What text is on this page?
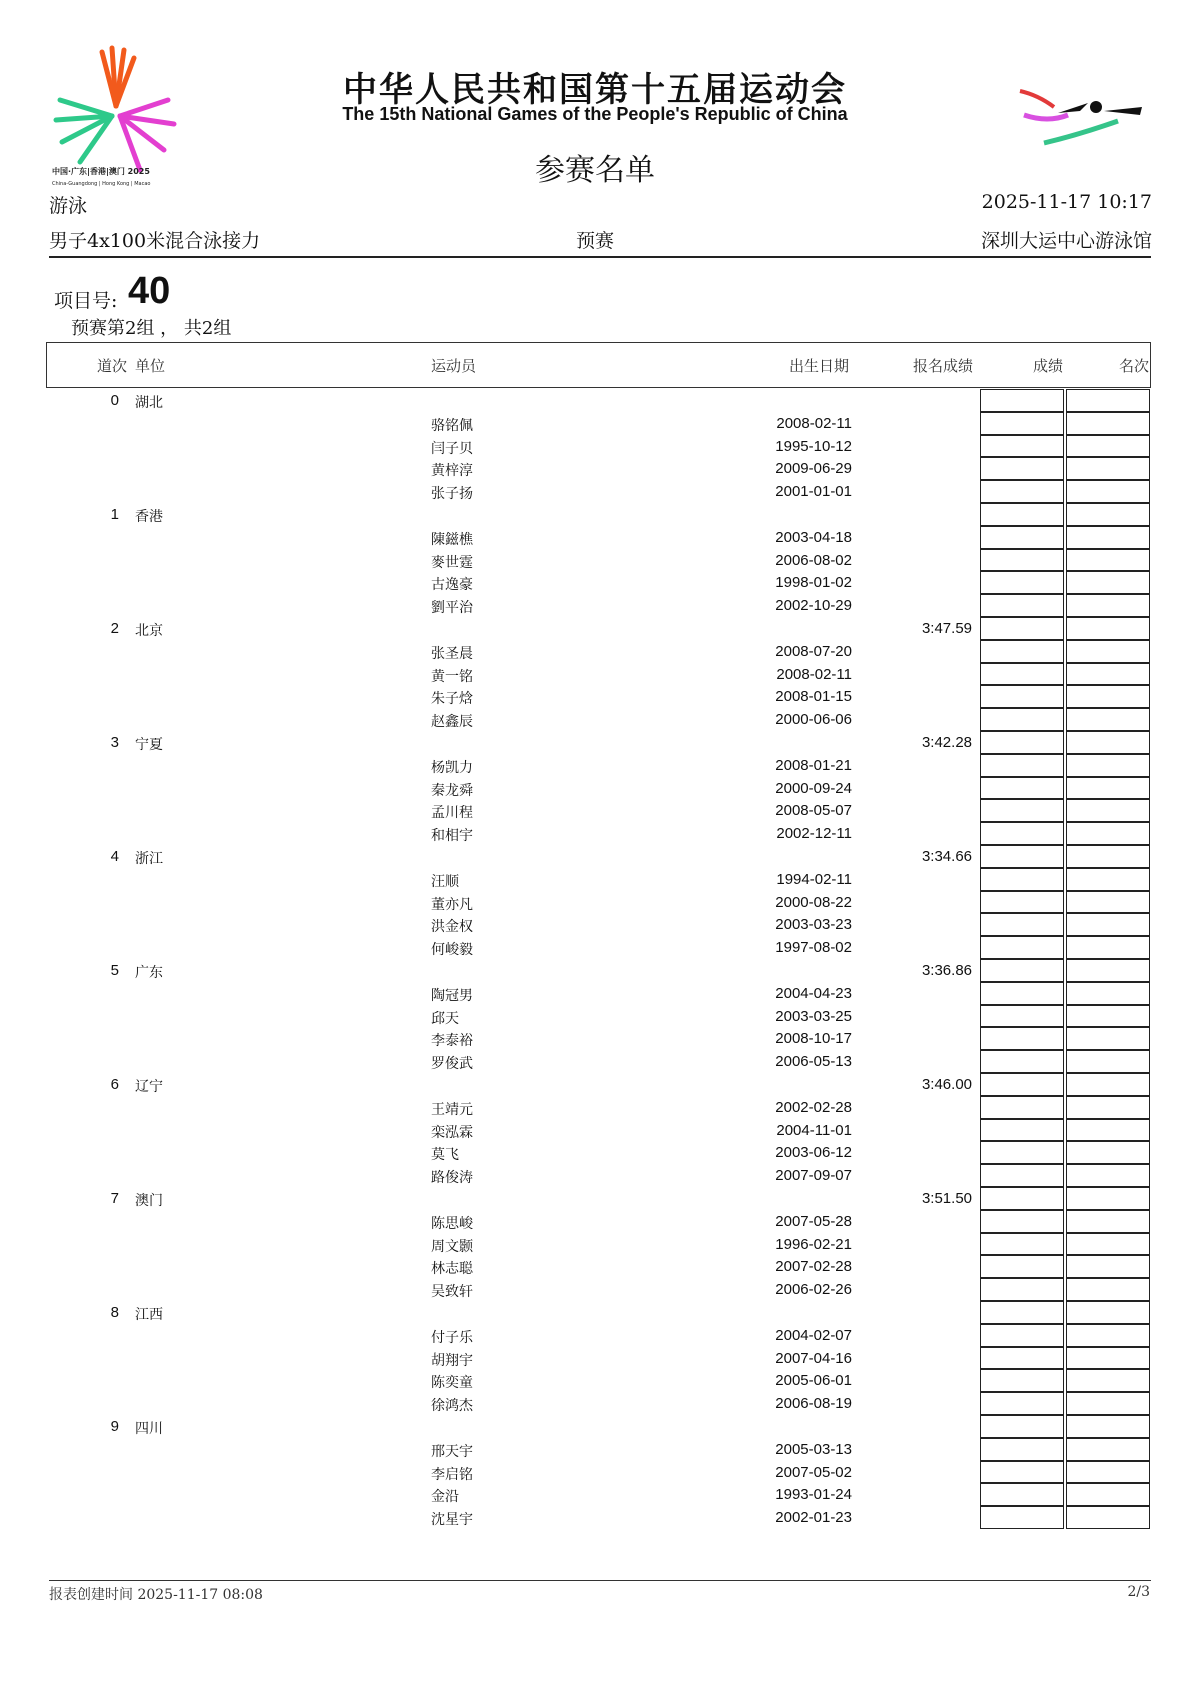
中国·广东|香港|澳门 2025
China-Guangdong | Hong Kong | Macao
中华人民共和国第十五届运动会
The 15th National Games of the People's Republic of China
参赛名单
游泳	2025-11-17 10:17
男子4x100米混合泳接力	预赛	深圳大运中心游泳馆
项目号: 40
预赛第2组 ， 共2组
道次 单位	运动员	出生日期	报名成绩	成绩	名次
0 湖北
骆铭佩	2008-02-11
闫子贝	1995-10-12
黄梓淳	2009-06-29
张子扬	2001-01-01
1 香港
陳鎡樵	2003-04-18
麥世霆	2006-08-02
古逸豪	1998-01-02
劉平治	2002-10-29
2 北京	3:47.59
张圣晨	2008-07-20
黄一铭	2008-02-11
朱子焓	2008-01-15
赵鑫辰	2000-06-06
3 宁夏	3:42.28
杨凯力	2008-01-21
秦龙舜	2000-09-24
孟川程	2008-05-07
和相宇	2002-12-11
4 浙江	3:34.66
汪顺	1994-02-11
董亦凡	2000-08-22
洪金权	2003-03-23
何峻毅	1997-08-02
5 广东	3:36.86
陶冠男	2004-04-23
邱天	2003-03-25
李泰裕	2008-10-17
罗俊武	2006-05-13
6 辽宁	3:46.00
王靖元	2002-02-28
栾泓霖	2004-11-01
莫飞	2003-06-12
路俊涛	2007-09-07
7 澳门	3:51.50
陈思峻	2007-05-28
周文颢	1996-02-21
林志聪	2007-02-28
吴致轩	2006-02-26
8 江西
付子乐	2004-02-07
胡翔宇	2007-04-16
陈奕童	2005-06-01
徐鸿杰	2006-08-19
9 四川
邢天宇	2005-03-13
李启铭	2007-05-02
金沿	1993-01-24
沈星宇	2002-01-23
报表创建时间 2025-11-17 08:08	2/3
